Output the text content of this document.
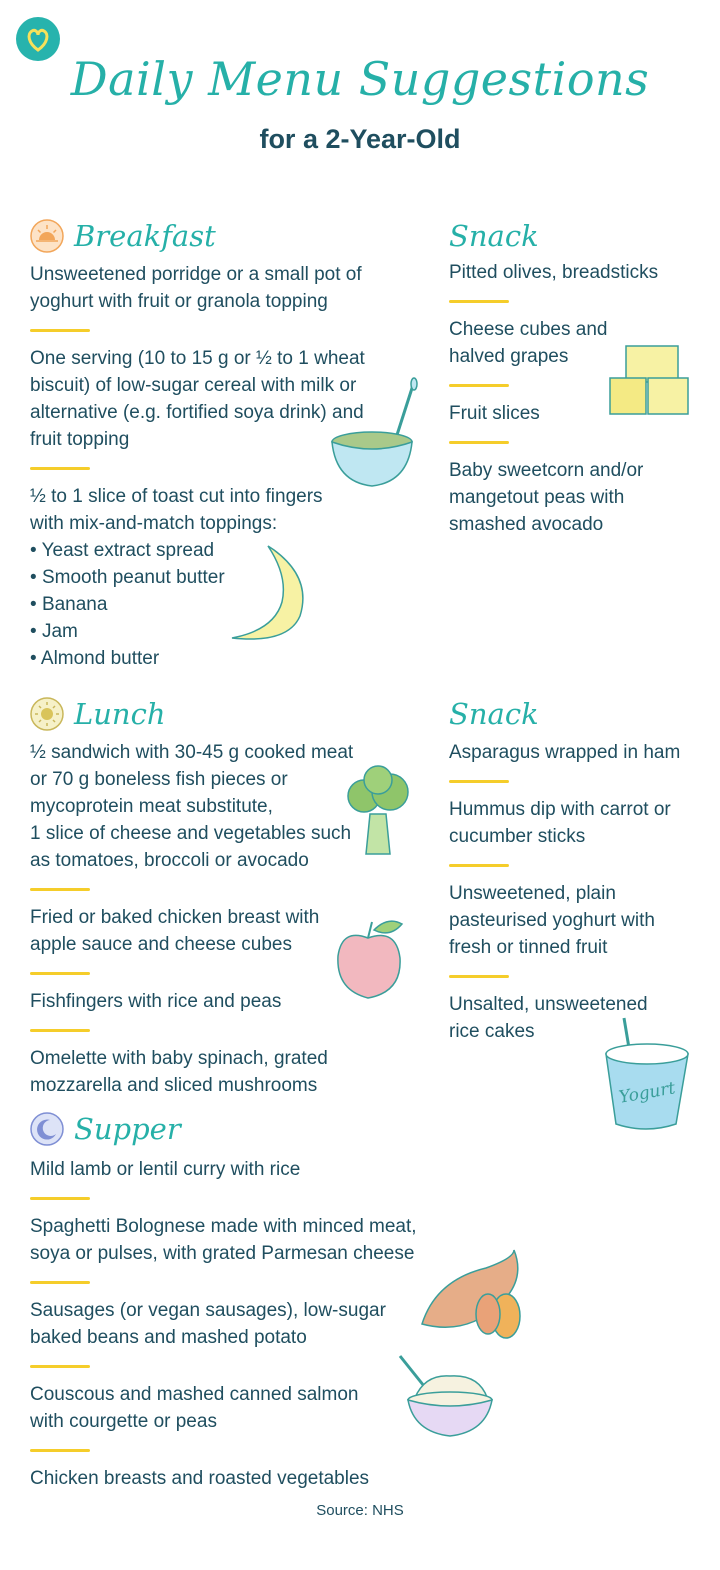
Daily Menu Suggestions
for a 2-Year-Old
Breakfast
Unsweetened porridge or a small pot of yoghurt with fruit or granola topping
One serving (10 to 15 g or ½ to 1 wheat biscuit) of low-sugar cereal with milk or alternative (e.g. fortified soya drink) and fruit topping
½ to 1 slice of toast cut into fingers with mix-and-match toppings:
• Yeast extract spread
• Smooth peanut butter
• Banana
• Jam
• Almond butter
Snack
Pitted olives, breadsticks
Cheese cubes and halved grapes
Fruit slices
Baby sweetcorn and/or mangetout peas with smashed avocado
Lunch
½ sandwich with 30-45 g cooked meat or 70 g boneless fish pieces or mycoprotein meat substitute,
1 slice of cheese and vegetables such as tomatoes, broccoli or avocado
Fried or baked chicken breast with apple sauce and cheese cubes
Fishfingers with rice and peas
Omelette with baby spinach, grated mozzarella and sliced mushrooms
Snack
Asparagus wrapped in ham
Hummus dip with carrot or cucumber sticks
Unsweetened, plain pasteurised yoghurt with fresh or tinned fruit
Unsalted, unsweetened rice cakes
Supper
Mild lamb or lentil curry with rice
Spaghetti Bolognese made with minced meat, soya or pulses, with grated Parmesan cheese
Sausages (or vegan sausages), low-sugar baked beans and mashed potato
Couscous and mashed canned salmon with courgette or peas
Chicken breasts and roasted vegetables
Yogurt
Source: NHS
